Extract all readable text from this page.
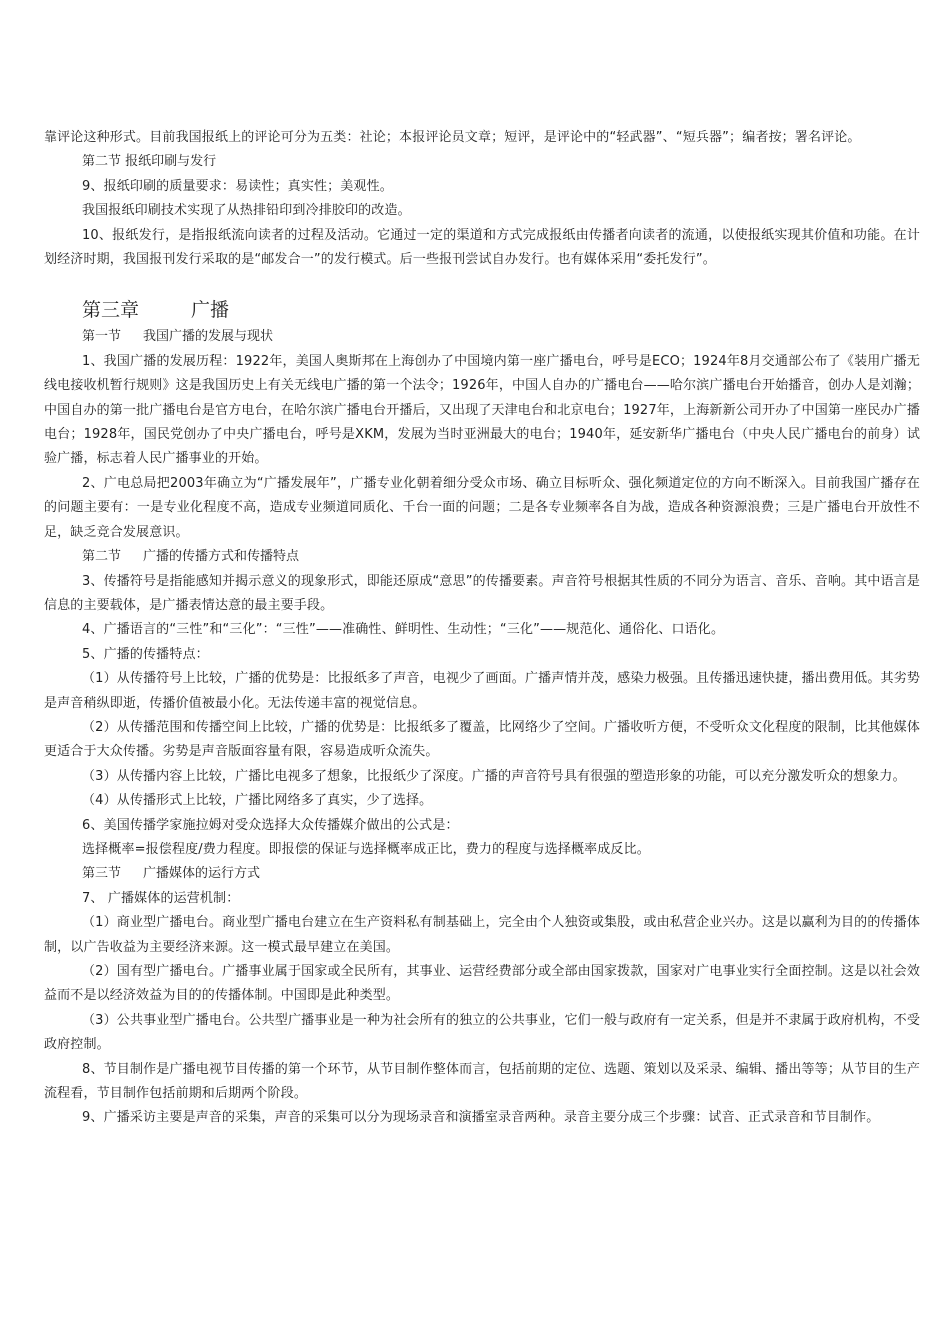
靠评论这种形式。目前我国报纸上的评论可分为五类：社论；本报评论员文章；短评，是评论中的“轻武器”、“短兵器”；编者按；署名评论。

第二节 报纸印刷与发行

9、报纸印刷的质量要求：易读性；真实性；美观性。

我国报纸印刷技术实现了从热排铅印到冷排胶印的改造。

10、报纸发行，是指报纸流向读者的过程及活动。它通过一定的渠道和方式完成报纸由传播者向读者的流通，以使报纸实现其价值和功能。在计划经济时期，我国报刊发行采取的是“邮发合一”的发行模式。后一些报刊尝试自办发行。也有媒体采用“委托发行”。

第三章	广播

第一节 我国广播的发展与现状

1、我国广播的发展历程：1922年，美国人奥斯邦在上海创办了中国境内第一座广播电台，呼号是ECO；1924年8月交通部公布了《装用广播无线电接收机暂行规则》这是我国历史上有关无线电广播的第一个法令；1926年，中国人自办的广播电台——哈尔滨广播电台开始播音，创办人是刘瀚；中国自办的第一批广播电台是官方电台，在哈尔滨广播电台开播后，又出现了天津电台和北京电台；1927年，上海新新公司开办了中国第一座民办广播电台；1928年，国民党创办了中央广播电台，呼号是XKM，发展为当时亚洲最大的电台；1940年，延安新华广播电台（中央人民广播电台的前身）试验广播，标志着人民广播事业的开始。

2、广电总局把2003年确立为“广播发展年”，广播专业化朝着细分受众市场、确立目标听众、强化频道定位的方向不断深入。目前我国广播存在的问题主要有：一是专业化程度不高，造成专业频道同质化、千台一面的问题；二是各专业频率各自为战，造成各种资源浪费；三是广播电台开放性不足，缺乏竞合发展意识。

第二节 广播的传播方式和传播特点

3、传播符号是指能感知并揭示意义的现象形式，即能还原成“意思”的传播要素。声音符号根据其性质的不同分为语言、音乐、音响。其中语言是信息的主要载体，是广播表情达意的最主要手段。

4、广播语言的“三性”和“三化”：“三性”——准确性、鲜明性、生动性；“三化”——规范化、通俗化、口语化。

5、广播的传播特点：

（1）从传播符号上比较，广播的优势是：比报纸多了声音，电视少了画面。广播声情并茂，感染力极强。且传播迅速快捷，播出费用低。其劣势是声音稍纵即逝，传播价值被最小化。无法传递丰富的视觉信息。

（2）从传播范围和传播空间上比较，广播的优势是：比报纸多了覆盖，比网络少了空间。广播收听方便，不受听众文化程度的限制，比其他媒体更适合于大众传播。劣势是声音版面容量有限，容易造成听众流失。

（3）从传播内容上比较，广播比电视多了想象，比报纸少了深度。广播的声音符号具有很强的塑造形象的功能，可以充分激发听众的想象力。

（4）从传播形式上比较，广播比网络多了真实，少了选择。

6、美国传播学家施拉姆对受众选择大众传播媒介做出的公式是：

选择概率=报偿程度/费力程度。即报偿的保证与选择概率成正比，费力的程度与选择概率成反比。

第三节 广播媒体的运行方式

7、 广播媒体的运营机制：

（1）商业型广播电台。商业型广播电台建立在生产资料私有制基础上，完全由个人独资或集股，或由私营企业兴办。这是以赢利为目的的传播体制，以广告收益为主要经济来源。这一模式最早建立在美国。

（2）国有型广播电台。广播事业属于国家或全民所有，其事业、运营经费部分或全部由国家拨款，国家对广电事业实行全面控制。这是以社会效益而不是以经济效益为目的的传播体制。中国即是此种类型。

（3）公共事业型广播电台。公共型广播事业是一种为社会所有的独立的公共事业，它们一般与政府有一定关系，但是并不隶属于政府机构，不受政府控制。

8、节目制作是广播电视节目传播的第一个环节，从节目制作整体而言，包括前期的定位、选题、策划以及采录、编辑、播出等等；从节目的生产流程看，节目制作包括前期和后期两个阶段。

9、广播采访主要是声音的采集，声音的采集可以分为现场录音和演播室录音两种。录音主要分成三个步骤：试音、正式录音和节目制作。
